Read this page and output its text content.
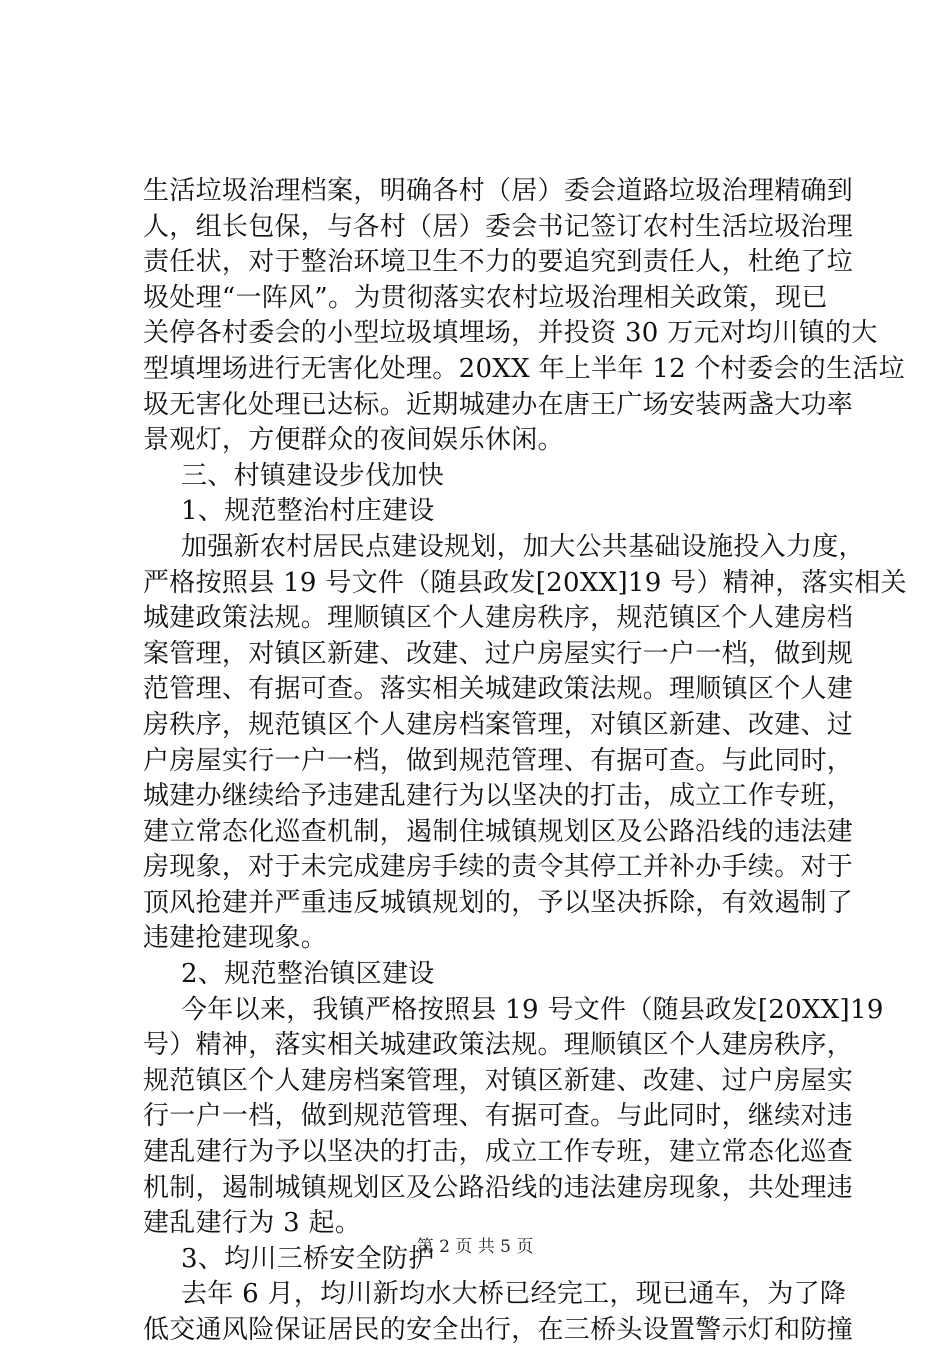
生活垃圾治理档案，明确各村（居）委会道路垃圾治理精确到
人，组长包保，与各村（居）委会书记签订农村生活垃圾治理
责任状，对于整治环境卫生不力的要追究到责任人，杜绝了垃
圾处理“一阵风”。为贯彻落实农村垃圾治理相关政策，现已
关停各村委会的小型垃圾填埋场，并投资 30 万元对均川镇的大
型填埋场进行无害化处理。20XX 年上半年 12 个村委会的生活垃
圾无害化处理已达标。近期城建办在唐王广场安装两盏大功率
景观灯，方便群众的夜间娱乐休闲。
三、村镇建设步伐加快
1、规范整治村庄建设
加强新农村居民点建设规划，加大公共基础设施投入力度，
严格按照县 19 号文件（随县政发[20XX]19 号）精神，落实相关
城建政策法规。理顺镇区个人建房秩序，规范镇区个人建房档
案管理，对镇区新建、改建、过户房屋实行一户一档，做到规
范管理、有据可查。落实相关城建政策法规。理顺镇区个人建
房秩序，规范镇区个人建房档案管理，对镇区新建、改建、过
户房屋实行一户一档，做到规范管理、有据可查。与此同时，
城建办继续给予违建乱建行为以坚决的打击，成立工作专班，
建立常态化巡查机制，遏制住城镇规划区及公路沿线的违法建
房现象，对于未完成建房手续的责令其停工并补办手续。对于
顶风抢建并严重违反城镇规划的，予以坚决拆除，有效遏制了
违建抢建现象。
2、规范整治镇区建设
今年以来，我镇严格按照县 19 号文件（随县政发[20XX]19
号）精神，落实相关城建政策法规。理顺镇区个人建房秩序，
规范镇区个人建房档案管理，对镇区新建、改建、过户房屋实
行一户一档，做到规范管理、有据可查。与此同时，继续对违
建乱建行为予以坚决的打击，成立工作专班，建立常态化巡查
机制，遏制城镇规划区及公路沿线的违法建房现象，共处理违
建乱建行为 3 起。
3、均川三桥安全防护
去年 6 月，均川新均水大桥已经完工，现已通车，为了降
低交通风险保证居民的安全出行，在三桥头设置警示灯和防撞
第 2 页 共 5 页
